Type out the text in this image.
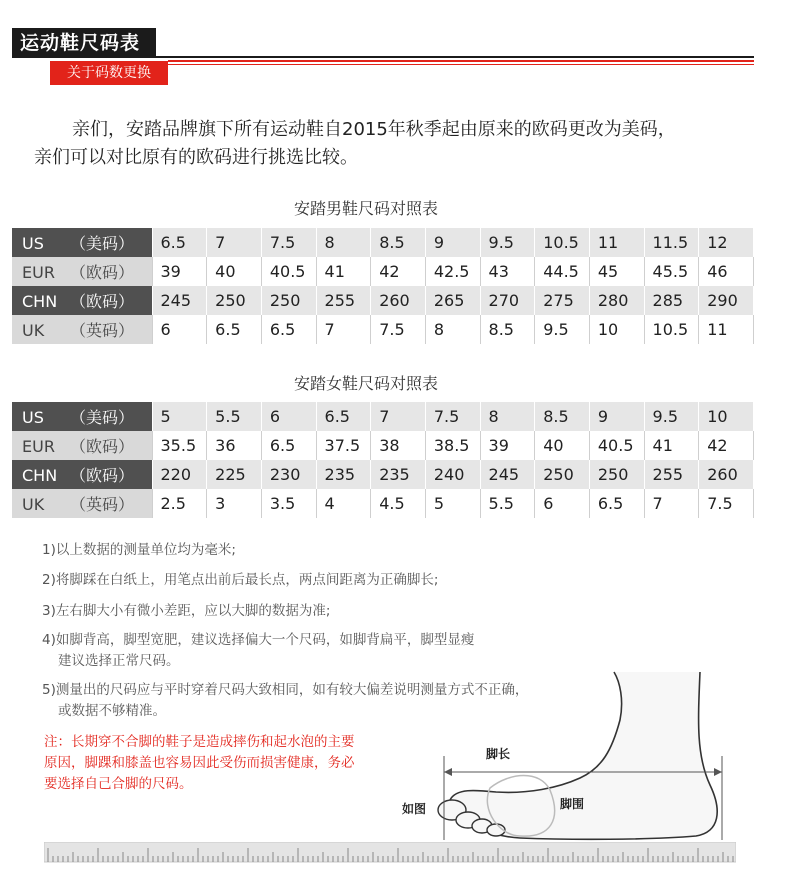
运动鞋尺码表
关于码数更换
亲们，安踏品牌旗下所有运动鞋自2015年秋季起由原来的欧码更改为美码，
亲们可以对比原有的欧码进行挑选比较。
安踏男鞋尺码对照表
US （美码）	6.5	7	7.5	8	8.5	9	9.5	10.5	11	11.5	12
EUR （欧码）	39	40	40.5	41	42	42.5	43	44.5	45	45.5	46
CHN （欧码）	245	250	250	255	260	265	270	275	280	285	290
UK （英码）	6	6.5	6.5	7	7.5	8	8.5	9.5	10	10.5	11
安踏女鞋尺码对照表
US （美码）	5	5.5	6	6.5	7	7.5	8	8.5	9	9.5	10
EUR （欧码）	35.5	36	6.5	37.5	38	38.5	39	40	40.5	41	42
CHN （欧码）	220	225	230	235	235	240	245	250	250	255	260
UK （英码）	2.5	3	3.5	4	4.5	5	5.5	6	6.5	7	7.5
1)以上数据的测量单位均为毫米;
2)将脚踩在白纸上，用笔点出前后最长点，两点间距离为正确脚长;
3)左右脚大小有微小差距，应以大脚的数据为准;
4)如脚背高，脚型宽肥，建议选择偏大一个尺码，如脚背扁平，脚型显瘦
建议选择正常尺码。
5)测量出的尺码应与平时穿着尺码大致相同，如有较大偏差说明测量方式不正确，
或数据不够精准。
注：长期穿不合脚的鞋子是造成摔伤和起水泡的主要
原因，脚踝和膝盖也容易因此受伤而损害健康，务必
要选择自己合脚的尺码。
脚长
如图	脚围
